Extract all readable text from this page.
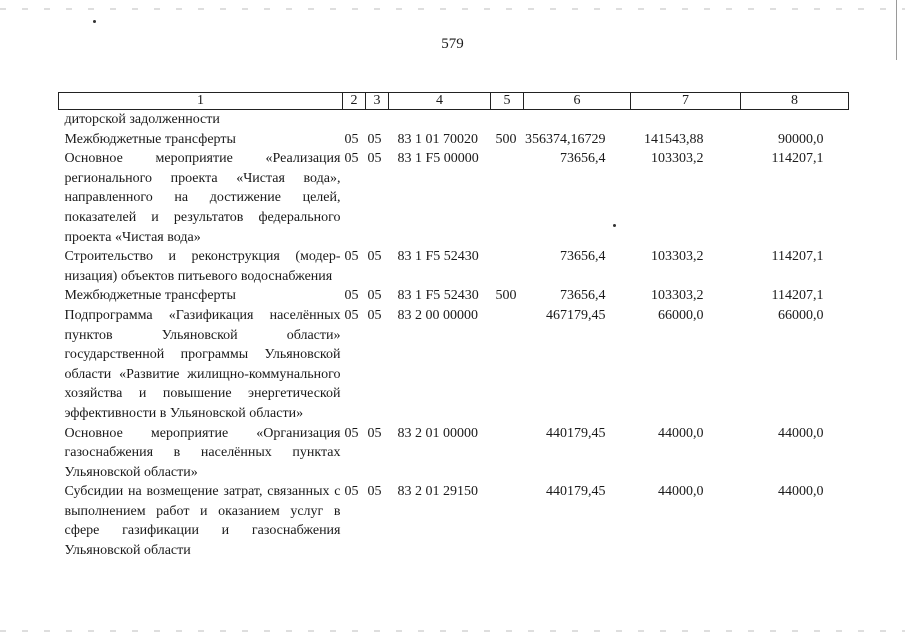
579
1	2	3	4	5	6	7	8
диторской задолженности							
Межбюджетные трансферты	05	05	83 1 01 70020	500	356374,16729	141543,88	90000,0
Основное мероприятие «Реализация регионального проекта «Чистая вода», направленного на достижение целей, показателей и результатов федерального проекта «Чистая вода»	05	05	83 1 F5 00000		73656,4	103303,2	114207,1
Строительство и реконструкция (модернизация) объектов питьевого водоснабжения	05	05	83 1 F5 52430		73656,4	103303,2	114207,1
Межбюджетные трансферты	05	05	83 1 F5 52430	500	73656,4	103303,2	114207,1
Подпрограмма «Газификация населённых пунктов Ульяновской области» государственной программы Ульяновской области «Развитие жилищно-коммунального хозяйства и повышение энергетической эффективности в Ульяновской области»	05	05	83 2 00 00000		467179,45	66000,0	66000,0
Основное мероприятие «Организация газоснабжения в населённых пунктах Ульяновской области»	05	05	83 2 01 00000		440179,45	44000,0	44000,0
Субсидии на возмещение затрат, связанных с выполнением работ и оказанием услуг в сфере газификации и газоснабжения Ульяновской области	05	05	83 2 01 29150		440179,45	44000,0	44000,0
